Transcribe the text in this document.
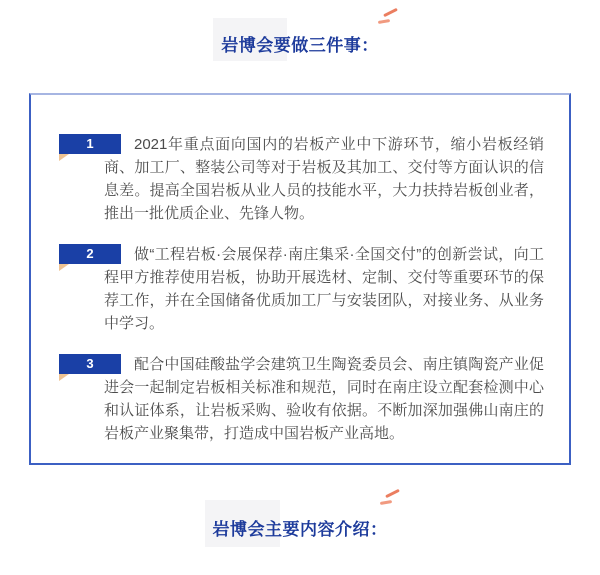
岩博会要做三件事：
1	2021年重点面向国内的岩板产业中下游环节，缩小岩板经销商、加工厂、整装公司等对于岩板及其加工、交付等方面认识的信息差。提高全国岩板从业人员的技能水平，大力扶持岩板创业者，推出一批优质企业、先锋人物。

2	做“工程岩板·会展保荐·南庄集采·全国交付”的创新尝试，向工程甲方推荐使用岩板，协助开展选材、定制、交付等重要环节的保荐工作，并在全国储备优质加工厂与安装团队，对接业务、从业务中学习。

3	配合中国硅酸盐学会建筑卫生陶瓷委员会、南庄镇陶瓷产业促进会一起制定岩板相关标准和规范，同时在南庄设立配套检测中心和认证体系，让岩板采购、验收有依据。不断加深加强佛山南庄的岩板产业聚集带，打造成中国岩板产业高地。

岩博会主要内容介绍：
